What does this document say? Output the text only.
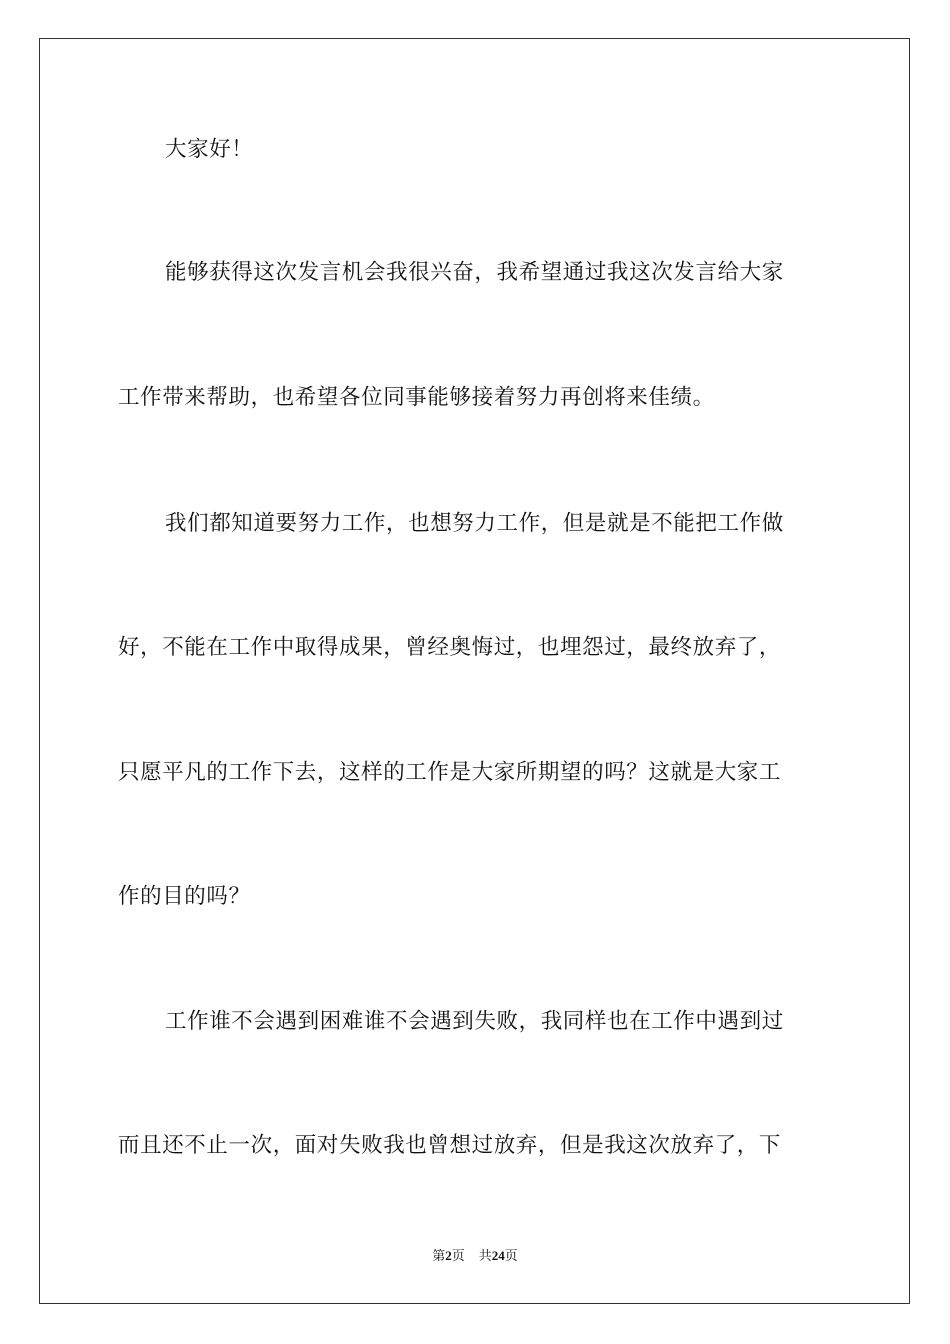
大家好！
能够获得这次发言机会我很兴奋，我希望通过我这次发言给大家
工作带来帮助，也希望各位同事能够接着努力再创将来佳绩。
我们都知道要努力工作，也想努力工作，但是就是不能把工作做
好，不能在工作中取得成果，曾经奥悔过，也埋怨过，最终放弃了，
只愿平凡的工作下去，这样的工作是大家所期望的吗？这就是大家工
作的目的吗？
工作谁不会遇到困难谁不会遇到失败，我同样也在工作中遇到过
而且还不止一次，面对失败我也曾想过放弃，但是我这次放弃了，下
第2页 共24页
